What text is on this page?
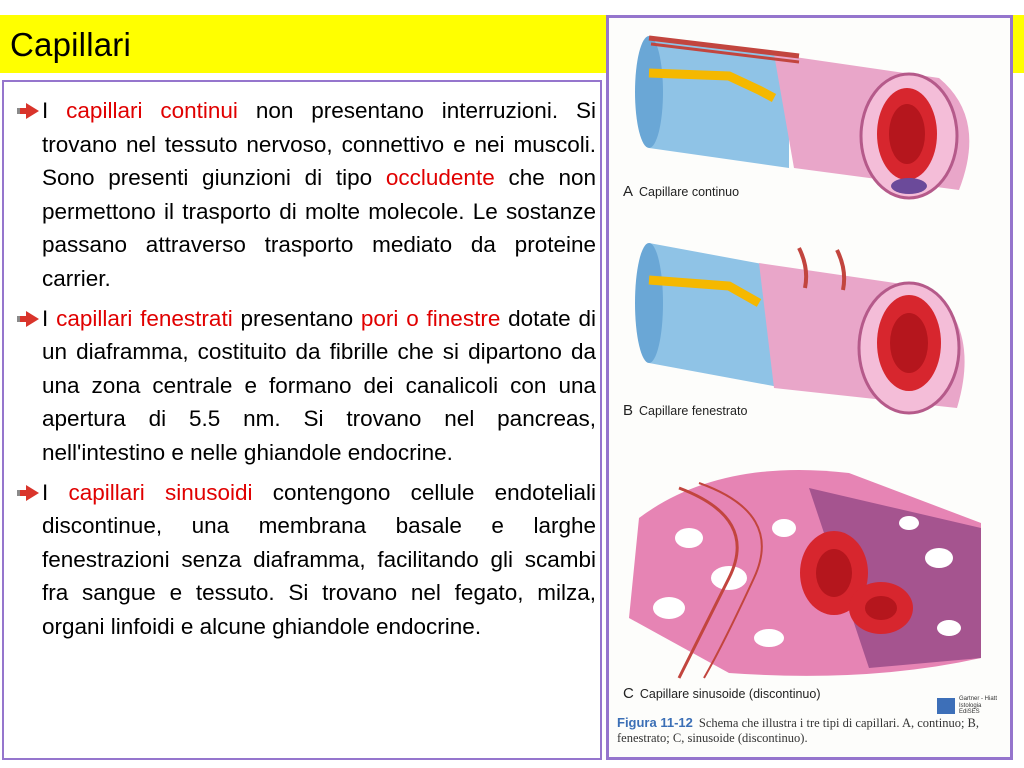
Capillari
I capillari continui non presentano interruzioni. Si trovano nel tessuto nervoso, connettivo e nei muscoli. Sono presenti giunzioni di tipo occludente che non permettono il trasporto di molte molecole. Le sostanze passano attraverso trasporto mediato da proteine carrier.
I capillari fenestrati presentano pori o finestre dotate di un diaframma, costituito da fibrille che si dipartono da una zona centrale e formano dei canalicoli con una apertura di 5.5 nm. Si trovano nel pancreas, nell'intestino e nelle ghiandole endocrine.
I capillari sinusoidi contengono cellule endoteliali discontinue, una membrana basale e larghe fenestrazioni senza diaframma, facilitando gli scambi fra sangue e tessuto. Si trovano nel fegato, milza, organi linfoidi e alcune ghiandole endocrine.
A Capillare continuo
B Capillare fenestrato
C Capillare sinusoide (discontinuo)	Gartner - Hiatt
Istologia
EdiSES
Figura 11-12 Schema che illustra i tre tipi di capillari. A, continuo; B, fenestrato; C, sinusoide (discontinuo).
